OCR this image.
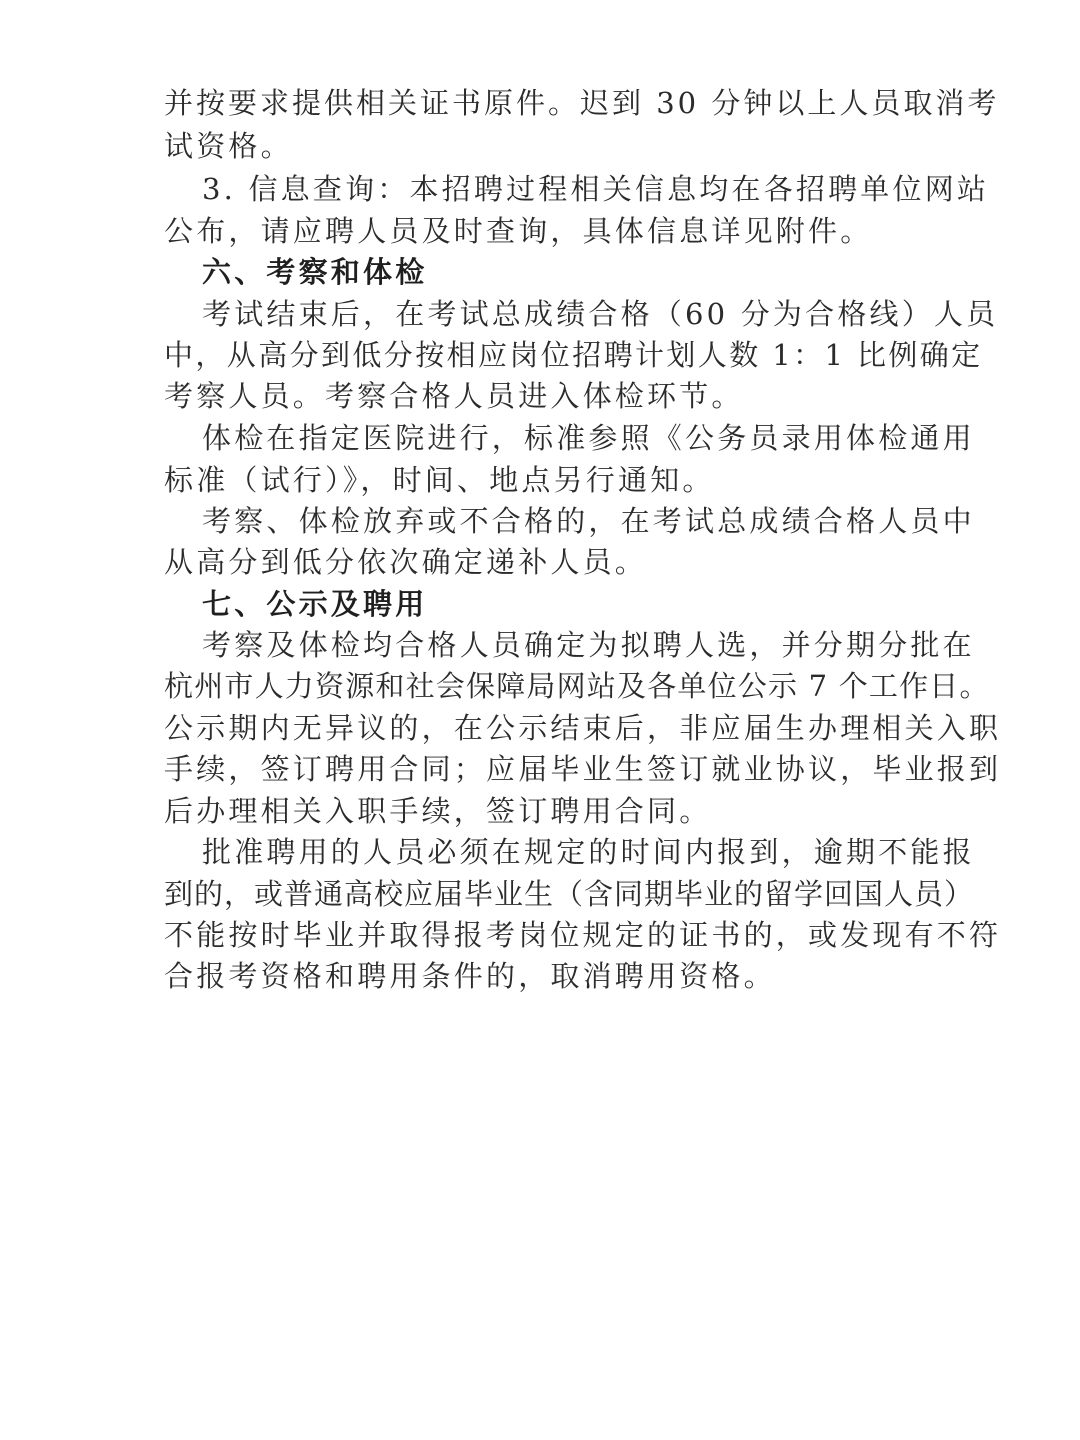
并按要求提供相关证书原件。迟到 30 分钟以上人员取消考
试资格。
3. 信息查询：本招聘过程相关信息均在各招聘单位网站
公布，请应聘人员及时查询，具体信息详见附件。
六、考察和体检
考试结束后，在考试总成绩合格（60 分为合格线）人员
中，从高分到低分按相应岗位招聘计划人数 1：1 比例确定
考察人员。考察合格人员进入体检环节。
体检在指定医院进行，标准参照《公务员录用体检通用
标准（试行）》，时间、地点另行通知。
考察、体检放弃或不合格的，在考试总成绩合格人员中
从高分到低分依次确定递补人员。
七、公示及聘用
考察及体检均合格人员确定为拟聘人选，并分期分批在
杭州市人力资源和社会保障局网站及各单位公示 7 个工作日。
公示期内无异议的，在公示结束后，非应届生办理相关入职
手续，签订聘用合同；应届毕业生签订就业协议，毕业报到
后办理相关入职手续，签订聘用合同。
批准聘用的人员必须在规定的时间内报到，逾期不能报
到的，或普通高校应届毕业生（含同期毕业的留学回国人员）
不能按时毕业并取得报考岗位规定的证书的，或发现有不符
合报考资格和聘用条件的，取消聘用资格。
